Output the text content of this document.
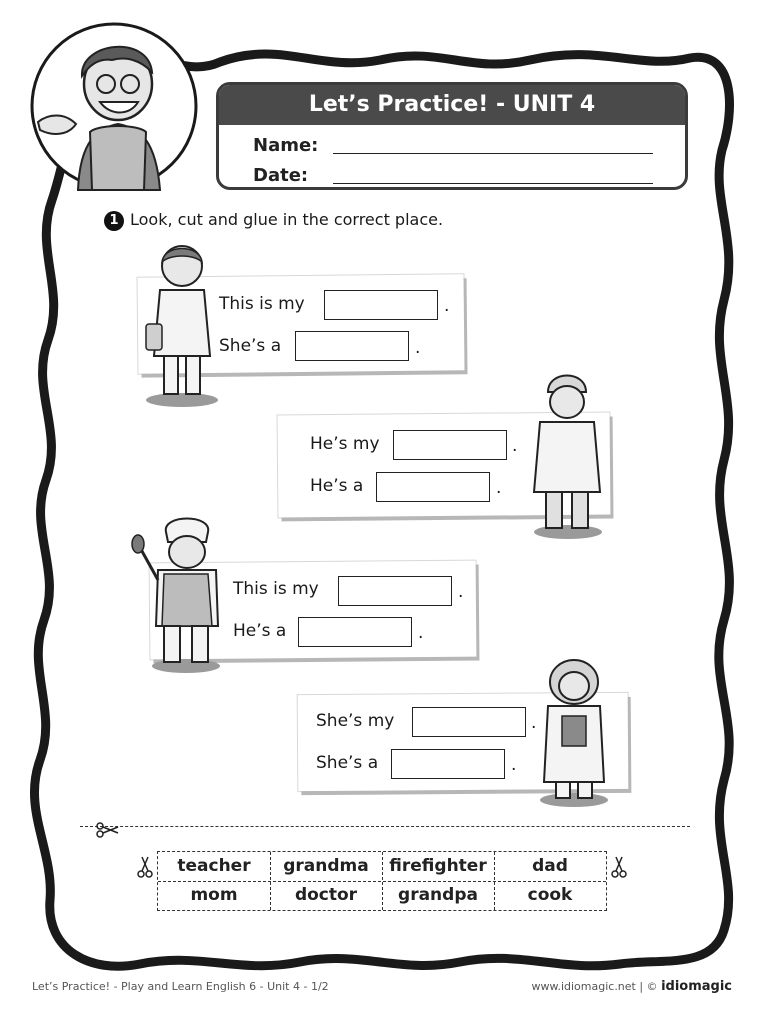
Let’s Practice! - UNIT 4
Name:
Date:
1 Look, cut and glue in the correct place.
This is my	.
She’s a	.
He’s my	.
He’s a	.
This is my	.
He’s a	.
She’s my	.
She’s a	.
teacher	grandma	firefighter	dad
mom	doctor	grandpa	cook
Let’s Practice! - Play and Learn English 6 - Unit 4 - 1/2	www.idiomagic.net | © idiomagic
